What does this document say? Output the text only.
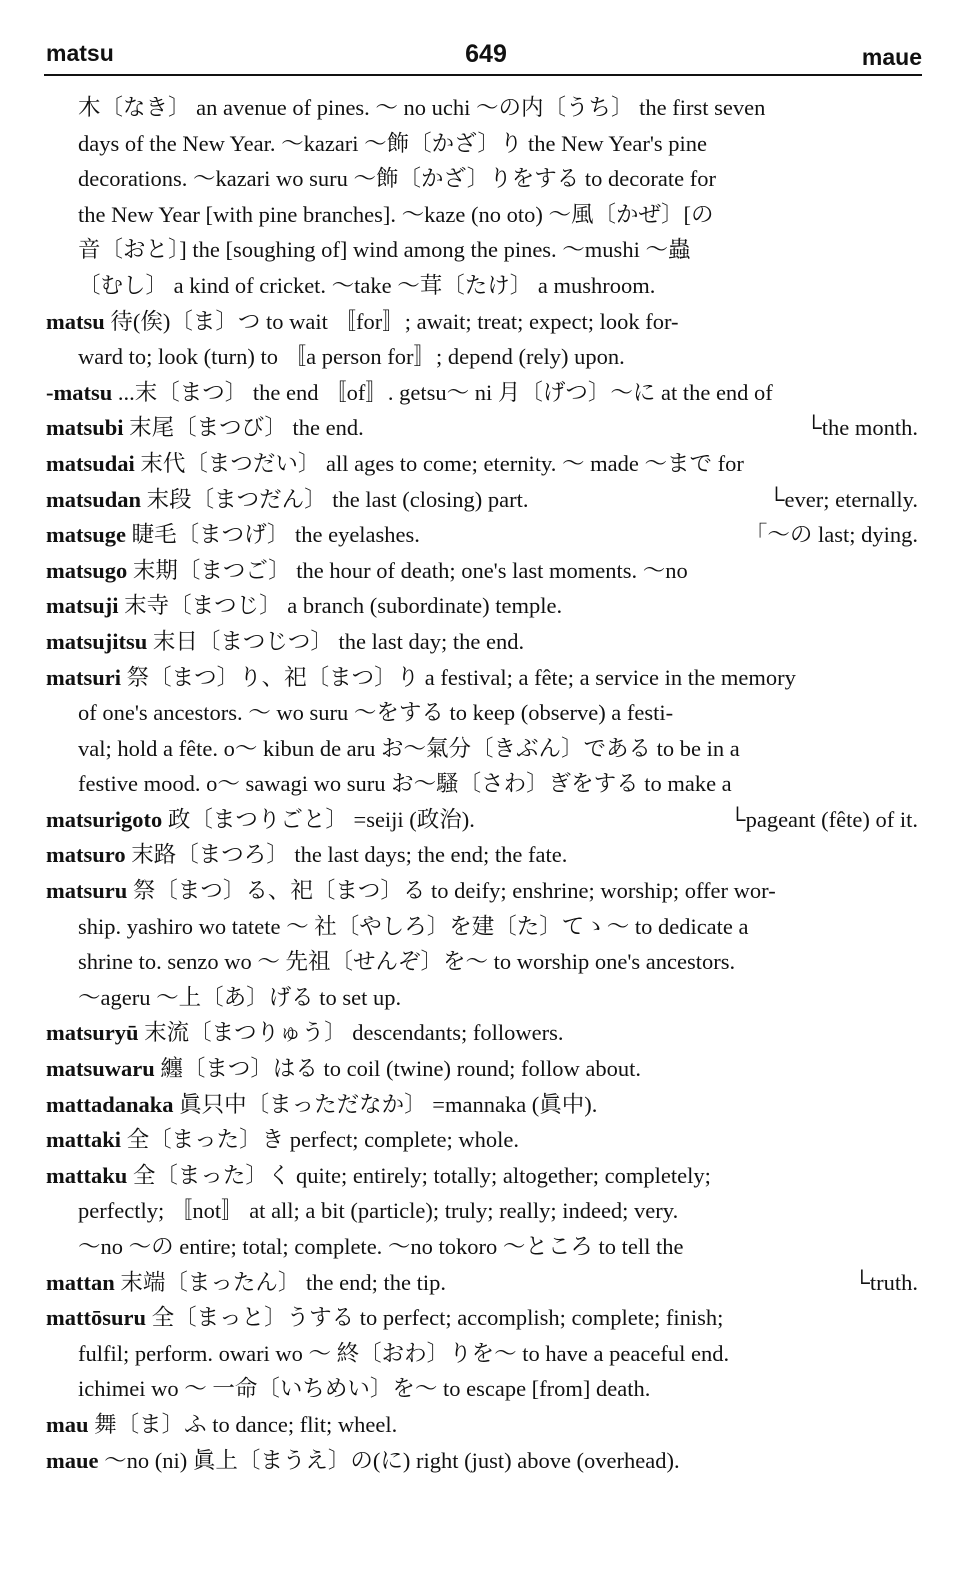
matsu	649	maue
木〔なき〕 an avenue of pines. ～ no uchi ～の内〔うち〕 the first seven
days of the New Year. ～kazari ～飾〔かざ〕り the New Year's pine
decorations. ～kazari wo suru ～飾〔かざ〕りをする to decorate for
the New Year [with pine branches]. ～kaze (no oto) ～風〔かぜ〕[の
音〔おと〕] the [soughing of] wind among the pines. ～mushi ～蟲
〔むし〕 a kind of cricket. ～take ～茸〔たけ〕 a mushroom.
matsu 待(俟)〔ま〕つ to wait 〚for〛; await; treat; expect; look for-
ward to; look (turn) to 〚a person for〛; depend (rely) upon.
-matsu ...末〔まつ〕 the end 〚of〛. getsu～ ni 月〔げつ〕～に at the end of
matsubi 末尾〔まつび〕 the end.	└the month.
matsudai 末代〔まつだい〕 all ages to come; eternity. ～ made ～まで for
matsudan 末段〔まつだん〕 the last (closing) part.	└ever; eternally.
matsuge 睫毛〔まつげ〕 the eyelashes.	「～の last; dying.
matsugo 末期〔まつご〕 the hour of death; one's last moments. ～no
matsuji 末寺〔まつじ〕 a branch (subordinate) temple.
matsujitsu 末日〔まつじつ〕 the last day; the end.
matsuri 祭〔まつ〕り、祀〔まつ〕り a festival; a fête; a service in the memory
of one's ancestors. ～ wo suru ～をする to keep (observe) a festi-
val; hold a fête. o～ kibun de aru お～氣分〔きぶん〕である to be in a
festive mood. o～ sawagi wo suru お～騷〔さわ〕ぎをする to make a
matsurigoto 政〔まつりごと〕 =seiji (政治).	└pageant (fête) of it.
matsuro 末路〔まつろ〕 the last days; the end; the fate.
matsuru 祭〔まつ〕る、祀〔まつ〕る to deify; enshrine; worship; offer wor-
ship. yashiro wo tatete ～ 社〔やしろ〕を建〔た〕てゝ～ to dedicate a
shrine to. senzo wo ～ 先祖〔せんぞ〕を～ to worship one's ancestors.
～ageru ～上〔あ〕げる to set up.
matsuryū 末流〔まつりゅう〕 descendants; followers.
matsuwaru 纏〔まつ〕はる to coil (twine) round; follow about.
mattadanaka 眞只中〔まっただなか〕 =mannaka (眞中).
mattaki 全〔まった〕き perfect; complete; whole.
mattaku 全〔まった〕く quite; entirely; totally; altogether; completely;
perfectly; 〚not〛 at all; a bit (particle); truly; really; indeed; very.
～no ～の entire; total; complete. ～no tokoro ～ところ to tell the
mattan 末端〔まったん〕 the end; the tip.	└truth.
mattōsuru 全〔まっと〕うする to perfect; accomplish; complete; finish;
fulfil; perform. owari wo ～ 終〔おわ〕りを～ to have a peaceful end.
ichimei wo ～ 一命〔いちめい〕を～ to escape [from] death.
mau 舞〔ま〕ふ to dance; flit; wheel.
maue ～no (ni) 眞上〔まうえ〕の(に) right (just) above (overhead).
